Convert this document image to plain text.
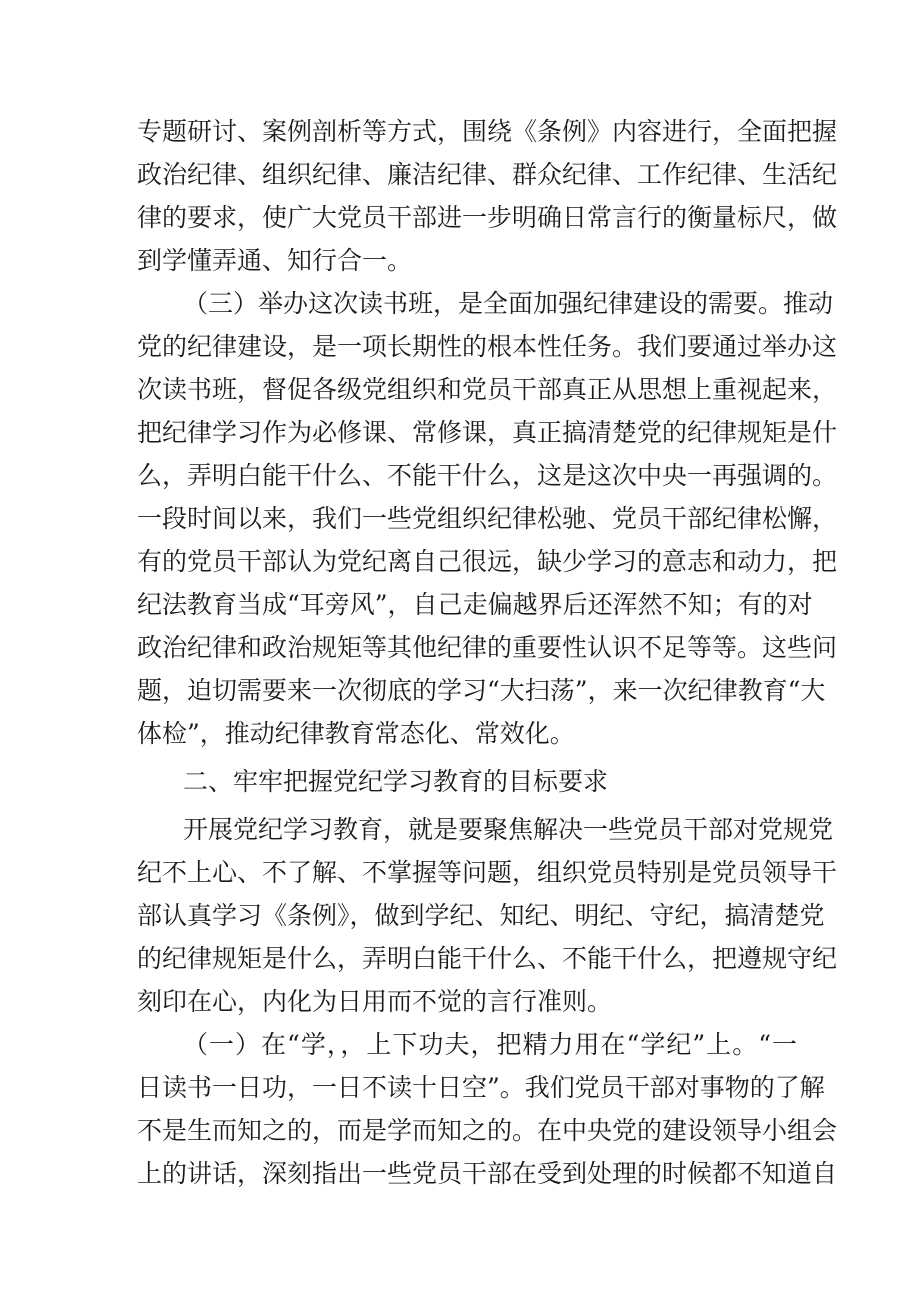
专题研讨、案例剖析等方式，围绕《条例》内容进行，全面把握
政治纪律、组织纪律、廉洁纪律、群众纪律、工作纪律、生活纪
律的要求，使广大党员干部进一步明确日常言行的衡量标尺，做
到学懂弄通、知行合一。
（三）举办这次读书班，是全面加强纪律建设的需要。推动
党的纪律建设，是一项长期性的根本性任务。我们要通过举办这
次读书班，督促各级党组织和党员干部真正从思想上重视起来，
把纪律学习作为必修课、常修课，真正搞清楚党的纪律规矩是什
么，弄明白能干什么、不能干什么，这是这次中央一再强调的。
一段时间以来，我们一些党组织纪律松驰、党员干部纪律松懈，
有的党员干部认为党纪离自己很远，缺少学习的意志和动力，把
纪法教育当成“耳旁风”，自己走偏越界后还浑然不知；有的对
政治纪律和政治规矩等其他纪律的重要性认识不足等等。这些问
题，迫切需要来一次彻底的学习“大扫荡”，来一次纪律教育“大
体检”，推动纪律教育常态化、常效化。
二、牢牢把握党纪学习教育的目标要求
开展党纪学习教育，就是要聚焦解决一些党员干部对党规党
纪不上心、不了解、不掌握等问题，组织党员特别是党员领导干
部认真学习《条例》，做到学纪、知纪、明纪、守纪，搞清楚党
的纪律规矩是什么，弄明白能干什么、不能干什么，把遵规守纪
刻印在心，内化为日用而不觉的言行准则。
（一）在“学，，上下功夫，把精力用在“学纪”上。“一
日读书一日功，一日不读十日空”。我们党员干部对事物的了解
不是生而知之的，而是学而知之的。在中央党的建设领导小组会
上的讲话，深刻指出一些党员干部在受到处理的时候都不知道自
